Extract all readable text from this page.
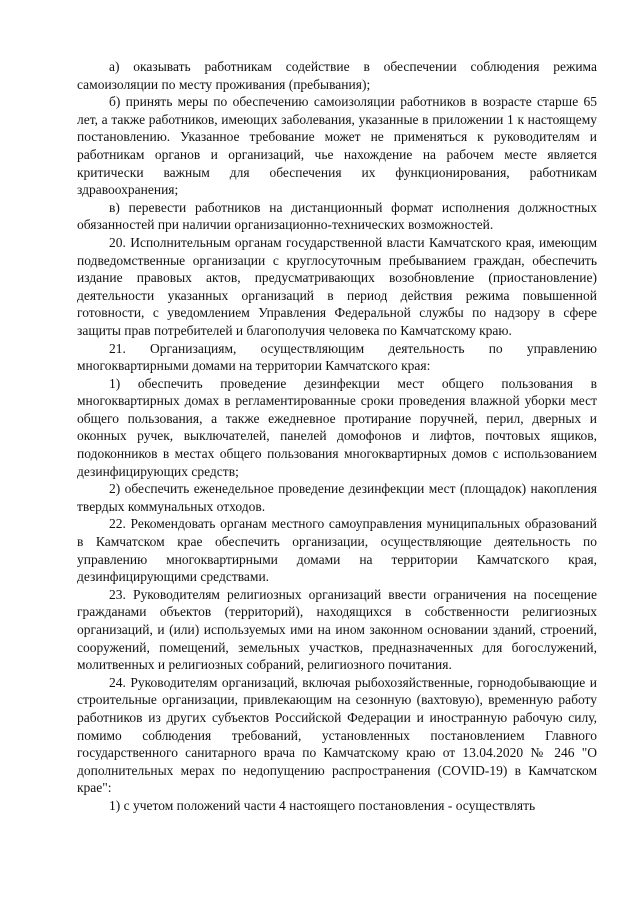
а) оказывать работникам содействие в обеспечении соблюдения режима самоизоляции по месту проживания (пребывания);

б) принять меры по обеспечению самоизоляции работников в возрасте старше 65 лет, а также работников, имеющих заболевания, указанные в приложении 1 к настоящему постановлению. Указанное требование может не применяться к руководителям и работникам органов и организаций, чье нахождение на рабочем месте является критически важным для обеспечения их функционирования, работникам здравоохранения;

в) перевести работников на дистанционный формат исполнения должностных обязанностей при наличии организационно-технических возможностей.

20. Исполнительным органам государственной власти Камчатского края, имеющим подведомственные организации с круглосуточным пребыванием граждан, обеспечить издание правовых актов, предусматривающих возобновление (приостановление) деятельности указанных организаций в период действия режима повышенной готовности, с уведомлением Управления Федеральной службы по надзору в сфере защиты прав потребителей и благополучия человека по Камчатскому краю.

21. Организациям, осуществляющим деятельность по управлению многоквартирными домами на территории Камчатского края:

1) обеспечить проведение дезинфекции мест общего пользования в многоквартирных домах в регламентированные сроки проведения влажной уборки мест общего пользования, а также ежедневное протирание поручней, перил, дверных и оконных ручек, выключателей, панелей домофонов и лифтов, почтовых ящиков, подоконников в местах общего пользования многоквартирных домов с использованием дезинфицирующих средств;

2) обеспечить еженедельное проведение дезинфекции мест (площадок) накопления твердых коммунальных отходов.

22. Рекомендовать органам местного самоуправления муниципальных образований в Камчатском крае обеспечить организации, осуществляющие деятельность по управлению многоквартирными домами на территории Камчатского края, дезинфицирующими средствами.

23. Руководителям религиозных организаций ввести ограничения на посещение гражданами объектов (территорий), находящихся в собственности религиозных организаций, и (или) используемых ими на ином законном основании зданий, строений, сооружений, помещений, земельных участков, предназначенных для богослужений, молитвенных и религиозных собраний, религиозного почитания.

24. Руководителям организаций, включая рыбохозяйственные, горнодобывающие и строительные организации, привлекающим на сезонную (вахтовую), временную работу работников из других субъектов Российской Федерации и иностранную рабочую силу, помимо соблюдения требований, установленных постановлением Главного государственного санитарного врача по Камчатскому краю от 13.04.2020 № 246 "О дополнительных мерах по недопущению распространения (COVID-19) в Камчатском крае":

1) с учетом положений части 4 настоящего постановления - осуществлять
